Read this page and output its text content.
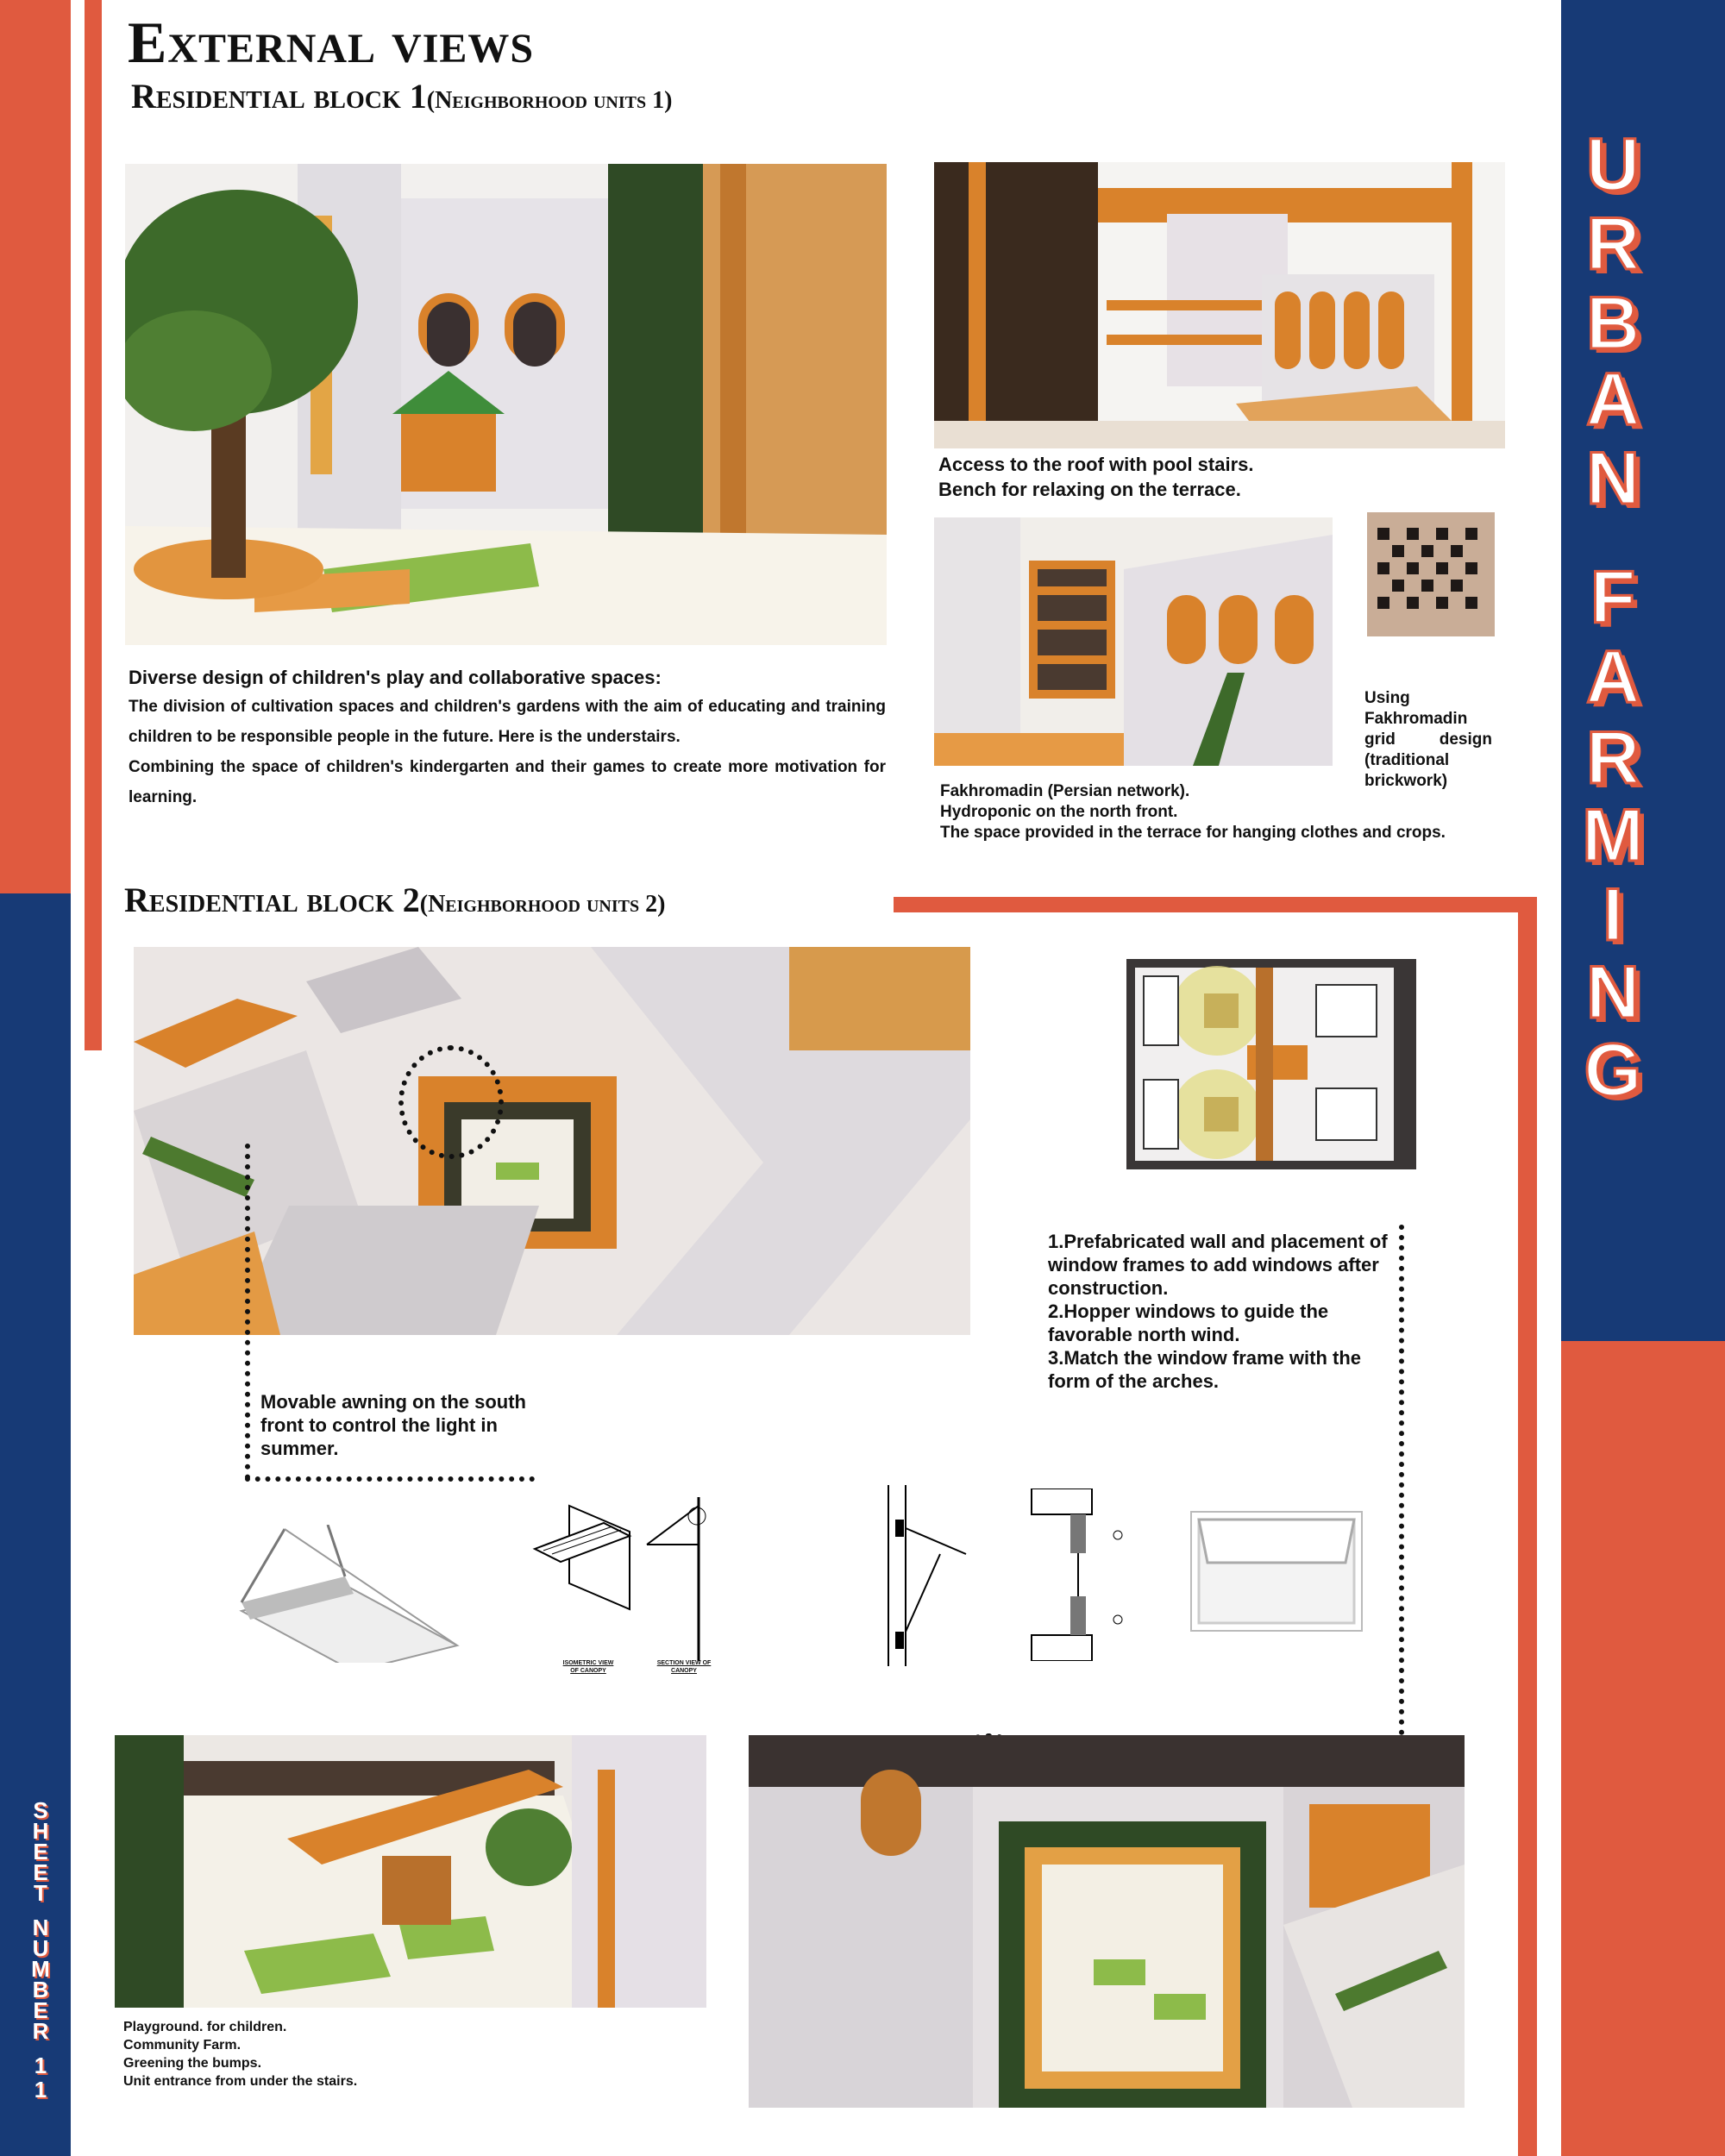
U
R
B
A
N
F
A
R
M
I
N
G
S
H
E
E
T
N
U
M
B
E
R
1
1
External views
Residential block 1(Neighborhood units 1)
Residential block 2(Neighborhood units 2)
Access to the roof with pool stairs.
Bench for relaxing on the terrace.
Using Fakhromadin grid design (traditional brickwork)
Fakhromadin (Persian network).
Hydroponic on the north front.
The space provided in the terrace for hanging clothes and crops.
Diverse design of children's play and collaborative spaces:
The division of cultivation spaces and children's gardens with the aim of educating and training children to be responsible people in the future. Here is the understairs.
Combining the space of children's kindergarten and their games to create more motivation for learning.
1.Prefabricated wall and placement of window frames to add windows after construction.
2.Hopper windows to guide the favorable north wind.
3.Match the window frame with the form of the arches.
Movable awning on the south front to control the light in summer.
ISOMETRIC VIEW OF CANOPY
SECTION VIEW OF CANOPY
Playground. for children.
Community Farm.
Greening the bumps.
Unit entrance from under the stairs.
